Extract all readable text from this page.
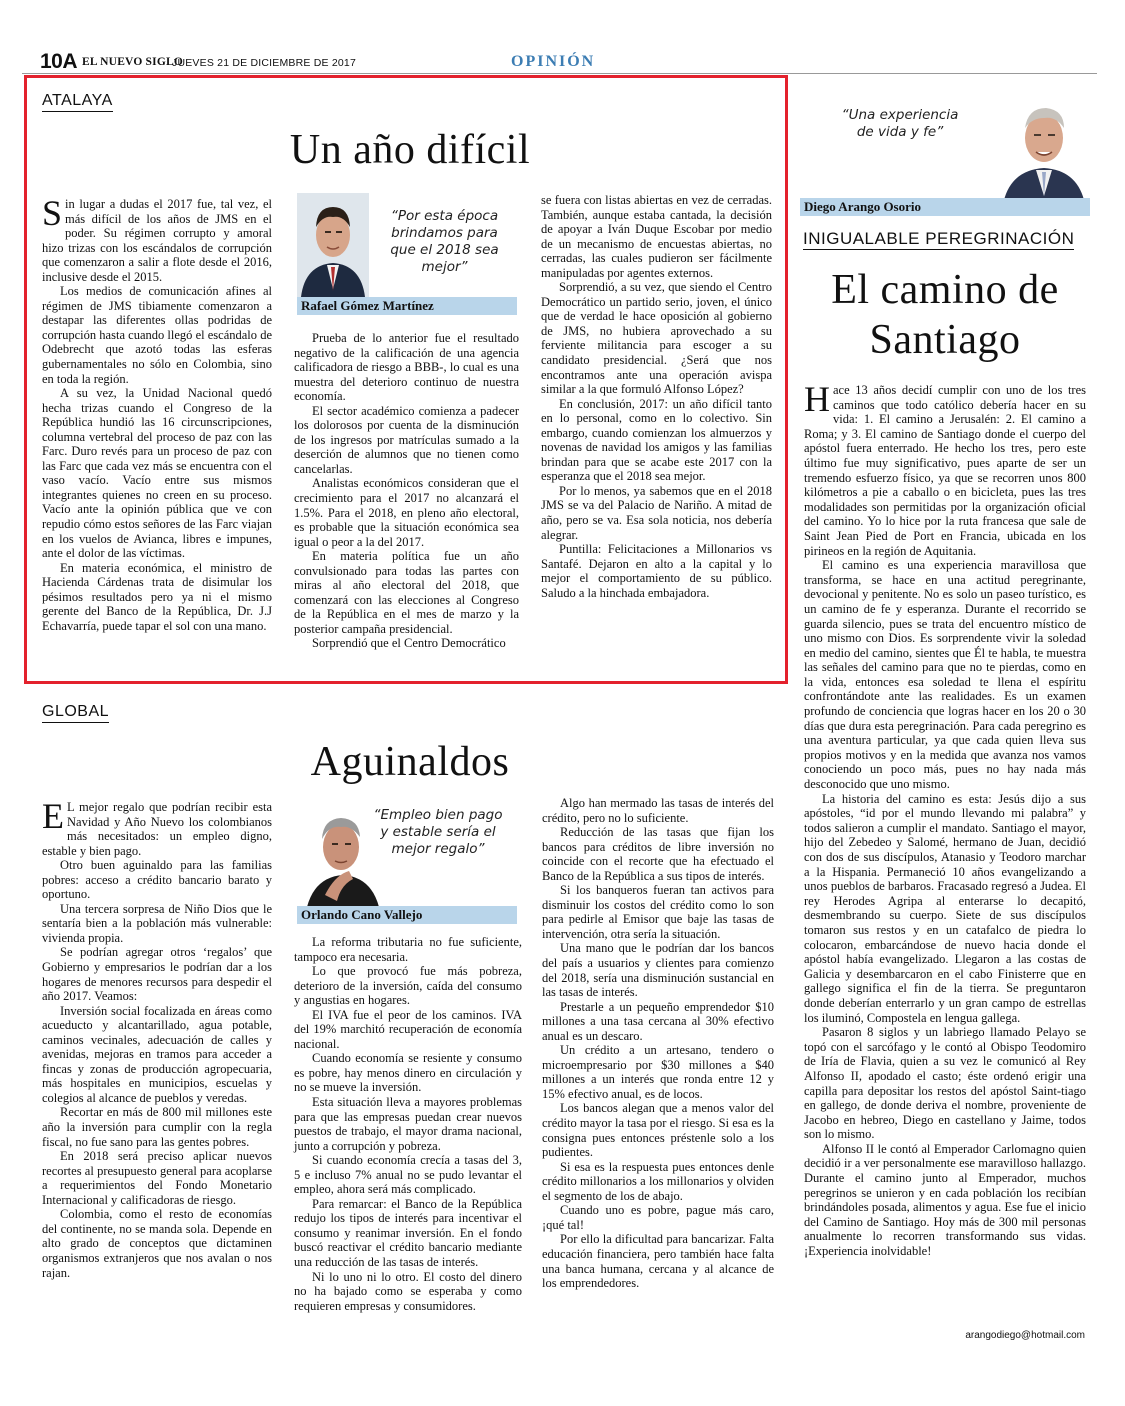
10A EL NUEVO SIGLO
JUEVES 21 DE DICIEMBRE DE 2017	OPINIÓN
ATALAYA
Un año difícil

Sin lugar a dudas el 2017 fue, tal vez, el más difícil de los años de JMS en el poder. Su régimen corrupto y amoral hizo trizas con los escándalos de corrupción que comenzaron a salir a flote desde el 2016, inclusive desde el 2015.

Los medios de comunicación afines al régimen de JMS tibiamente comenzaron a destapar las diferentes ollas podridas de corrupción hasta cuando llegó el escándalo de Odebrecht que azotó todas las esferas gubernamentales no sólo en Colombia, sino en toda la región.

A su vez, la Unidad Nacional quedó hecha trizas cuando el Congreso de la República hundió las 16 circunscripciones, columna vertebral del proceso de paz con las Farc. Duro revés para un proceso de paz con las Farc que cada vez más se encuentra con el vaso vacío. Vacío entre sus mismos integrantes quienes no creen en su proceso. Vacío ante la opinión pública que ve con repudio cómo estos señores de las Farc viajan en los vuelos de Avianca, libres e impunes, ante el dolor de las víctimas.

En materia económica, el ministro de Hacienda Cárdenas trata de disimular los pésimos resultados pero ya ni el mismo gerente del Banco de la República, Dr. J.J Echavarría, puede tapar el sol con una mano.

“Por esta época brindamos para que el 2018 sea mejor”
Rafael Gómez Martínez

Prueba de lo anterior fue el resultado negativo de la calificación de una agencia calificadora de riesgo a BBB-, lo cual es una muestra del deterioro continuo de nuestra economía.

El sector académico comienza a padecer los dolorosos por cuenta de la disminución de los ingresos por matrículas sumado a la deserción de alumnos que no tienen como cancelarlas.

Analistas económicos consideran que el crecimiento para el 2017 no alcanzará el 1.5%. Para el 2018, en pleno año electoral, es probable que la situación económica sea igual o peor a la del 2017.

En materia política fue un año convulsionado para todas las partes con miras al año electoral del 2018, que comenzará con las elecciones al Congreso de la República en el mes de marzo y la posterior campaña presidencial.

Sorprendió que el Centro Democrático

se fuera con listas abiertas en vez de cerradas. También, aunque estaba cantada, la decisión de apoyar a Iván Duque Escobar por medio de un mecanismo de encuestas abiertas, no cerradas, las cuales pudieron ser fácilmente manipuladas por agentes externos.

Sorprendió, a su vez, que siendo el Centro Democrático un partido serio, joven, el único que de verdad le hace oposición al gobierno de JMS, no hubiera aprovechado a su ferviente militancia para escoger a su candidato presidencial. ¿Será que nos encontramos ante una operación avispa similar a la que formuló Alfonso López?

En conclusión, 2017: un año difícil tanto en lo personal, como en lo colectivo. Sin embargo, cuando comienzan los almuerzos y novenas de navidad los amigos y las familias brindan para que se acabe este 2017 con la esperanza que el 2018 sea mejor.

Por lo menos, ya sabemos que en el 2018 JMS se va del Palacio de Nariño. A mitad de año, pero se va. Esa sola noticia, nos debería alegrar.

Puntilla: Felicitaciones a Millonarios vs Santafé. Dejaron en alto a la capital y lo mejor el comportamiento de su público. Saludo a la hinchada embajadora.

GLOBAL
Aguinaldos

E L mejor regalo que podrían recibir esta Navidad y Año Nuevo los colombianos más necesitados: un empleo digno, estable y bien pago.

Otro buen aguinaldo para las familias pobres: acceso a crédito bancario barato y oportuno.

Una tercera sorpresa de Niño Dios que le sentaría bien a la población más vulnerable: vivienda propia.

Se podrían agregar otros ‘regalos’ que Gobierno y empresarios le podrían dar a los hogares de menores recursos para despedir el año 2017. Veamos:

Inversión social focalizada en áreas como acueducto y alcantarillado, agua potable, caminos vecinales, adecuación de calles y avenidas, mejoras en tramos para acceder a fincas y zonas de producción agropecuaria, más hospitales en municipios, escuelas y colegios al alcance de pueblos y veredas.

Recortar en más de 800 mil millones este año la inversión para cumplir con la regla fiscal, no fue sano para las gentes pobres.

En 2018 será preciso aplicar nuevos recortes al presupuesto general para acoplarse a requerimientos del Fondo Monetario Internacional y calificadoras de riesgo.

Colombia, como el resto de economías del continente, no se manda sola. Depende en alto grado de conceptos que dictaminen organismos extranjeros que nos avalan o nos rajan.

“Empleo bien pago y estable sería el mejor regalo”
Orlando Cano Vallejo

La reforma tributaria no fue suficiente, tampoco era necesaria.

Lo que provocó fue más pobreza, deterioro de la inversión, caída del consumo y angustias en hogares.

El IVA fue el peor de los caminos. IVA del 19% marchitó recuperación de economía nacional.

Cuando economía se resiente y consumo es pobre, hay menos dinero en circulación y no se mueve la inversión.

Esta situación lleva a mayores problemas para que las empresas puedan crear nuevos puestos de trabajo, el mayor drama nacional, junto a corrupción y pobreza.

Si cuando economía crecía a tasas del 3, 5 e incluso 7% anual no se pudo levantar el empleo, ahora será más complicado.

Para remarcar: el Banco de la República redujo los tipos de interés para incentivar el consumo y reanimar inversión. En el fondo buscó reactivar el crédito bancario mediante una reducción de las tasas de interés.

Ni lo uno ni lo otro. El costo del dinero no ha bajado como se esperaba y como requieren empresas y consumidores.

Algo han mermado las tasas de interés del crédito, pero no lo suficiente.

Reducción de las tasas que fijan los bancos para créditos de libre inversión no coincide con el recorte que ha efectuado el Banco de la República a sus tipos de interés.

Si los banqueros fueran tan activos para disminuir los costos del crédito como lo son para pedirle al Emisor que baje las tasas de intervención, otra sería la situación.

Una mano que le podrían dar los bancos del país a usuarios y clientes para comienzo del 2018, sería una disminución sustancial en las tasas de interés.

Prestarle a un pequeño emprendedor $10 millones a una tasa cercana al 30% efectivo anual es un descaro.

Un crédito a un artesano, tendero o microempresario por $30 millones a $40 millones a un interés que ronda entre 12 y 15% efectivo anual, es de locos.

Los bancos alegan que a menos valor del crédito mayor la tasa por el riesgo. Si esa es la consigna pues entonces préstenle solo a los pudientes.

Si esa es la respuesta pues entonces denle crédito millonarios a los millonarios y olviden el segmento de los de abajo.

Cuando uno es pobre, pague más caro, ¡qué tal!

Por ello la dificultad para bancarizar. Falta educación financiera, pero también hace falta una banca humana, cercana y al alcance de los emprendedores.

“Una experiencia de vida y fe”
Diego Arango Osorio
INIGUALABLE PEREGRINACIÓN
El camino de
Santiago

Hace 13 años decidí cumplir con uno de los tres caminos que todo católico debería hacer en su vida: 1. El camino a Jerusalén: 2. El camino a Roma; y 3. El camino de Santiago donde el cuerpo del apóstol fuera enterrado. He hecho los tres, pero este último fue muy significativo, pues aparte de ser un tremendo esfuerzo físico, ya que se recorren unos 800 kilómetros a pie a caballo o en bicicleta, pues las tres modalidades son permitidas por la organización oficial del camino. Yo lo hice por la ruta francesa que sale de Saint Jean Pied de Port en Francia, ubicada en los pirineos en la región de Aquitania.

El camino es una experiencia maravillosa que transforma, se hace en una actitud peregrinante, devocional y penitente. No es solo un paseo turístico, es un camino de fe y esperanza. Durante el recorrido se guarda silencio, pues se trata del encuentro místico de uno mismo con Dios. Es sorprendente vivir la soledad en medio del camino, sientes que Él te habla, te muestra las señales del camino para que no te pierdas, como en la vida, entonces esa soledad te llena el espíritu confrontándote ante las realidades. Es un examen profundo de conciencia que logras hacer en los 20 o 30 días que dura esta peregrinación. Para cada peregrino es una aventura particular, ya que cada quien lleva sus propios motivos y en la medida que avanza nos vamos conociendo un poco más, pues no hay nada más desconocido que uno mismo.

La historia del camino es esta: Jesús dijo a sus apóstoles, “id por el mundo llevando mi palabra” y todos salieron a cumplir el mandato. Santiago el mayor, hijo del Zebedeo y Salomé, hermano de Juan, decidió con dos de sus discípulos, Atanasio y Teodoro marchar a la Hispania. Permaneció 10 años evangelizando a unos pueblos de barbaros. Fracasado regresó a Judea. El rey Herodes Agripa al enterarse lo decapitó, desmembrando su cuerpo. Siete de sus discípulos tomaron sus restos y en un catafalco de piedra lo colocaron, embarcándose de nuevo hacia donde el apóstol había evangelizado. Llegaron a las costas de Galicia y desembarcaron en el cabo Finisterre que en gallego significa el fin de la tierra. Se preguntaron donde deberían enterrarlo y un gran campo de estrellas los iluminó, Compostela en lengua gallega.

Pasaron 8 siglos y un labriego llamado Pelayo se topó con el sarcófago y le contó al Obispo Teodomiro de Iría de Flavia, quien a su vez le comunicó al Rey Alfonso II, apodado el casto; éste ordenó erigir una capilla para depositar los restos del apóstol Saint-tiago en gallego, de donde deriva el nombre, proveniente de Jacobo en hebreo, Diego en castellano y Jaime, todos son lo mismo.

Alfonso II le contó al Emperador Carlomagno quien decidió ir a ver personalmente ese maravilloso hallazgo. Durante el camino junto al Emperador, muchos peregrinos se unieron y en cada población los recibían brindándoles posada, alimentos y agua. Ese fue el inicio del Camino de Santiago. Hoy más de 300 mil personas anualmente lo recorren transformando sus vidas. ¡Experiencia inolvidable!

arangodiego@hotmail.com
